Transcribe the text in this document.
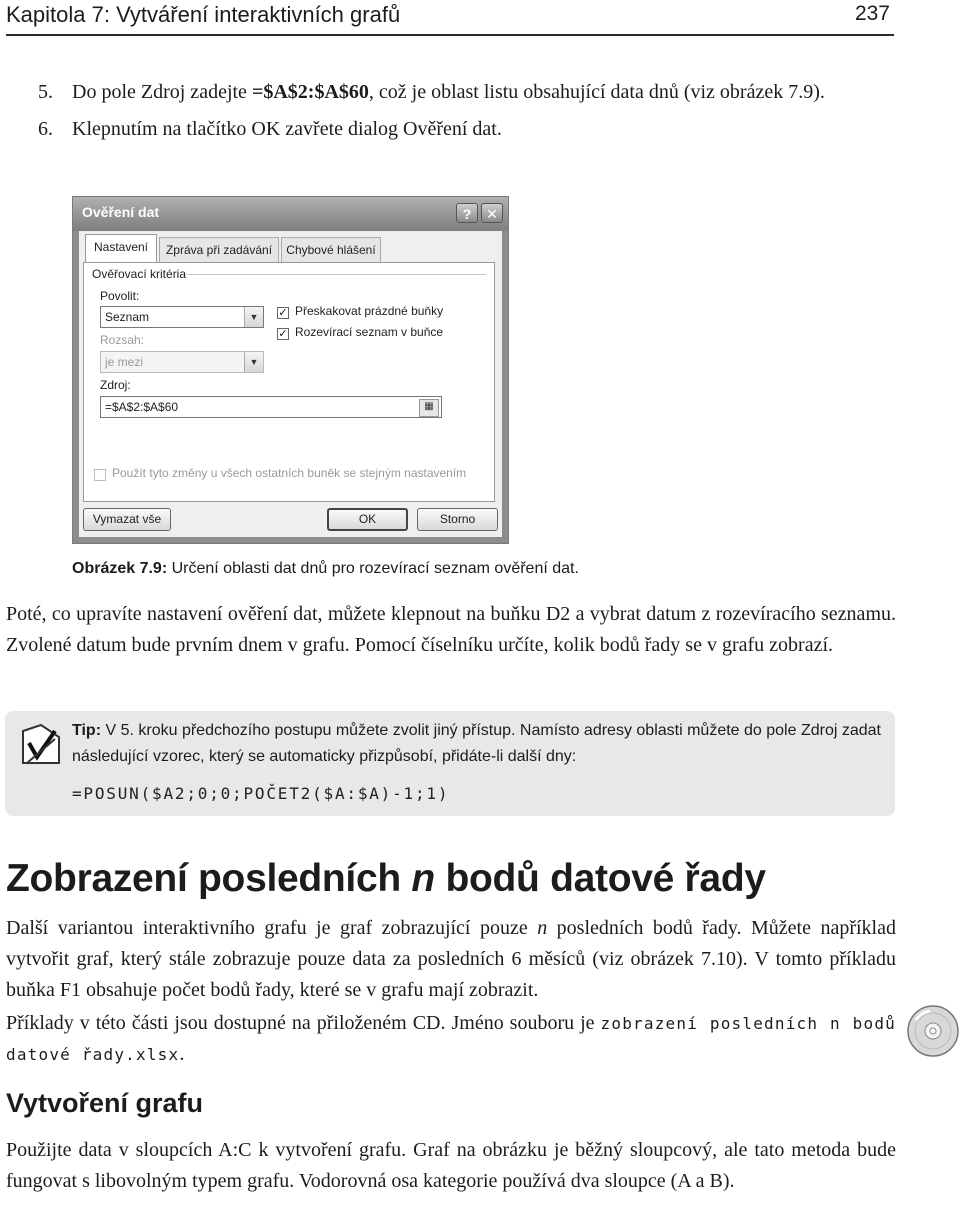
Kapitola 7: Vytváření interaktivních grafů	237
5. Do pole Zdroj zadejte =$A$2:$A$60, což je oblast listu obsahující data dnů (viz obrázek 7.9).
6. Klepnutím na tlačítko OK zavřete dialog Ověření dat.
Ověření dat	?	✕
Nastavení	Zpráva při zadávání	Chybové hlášení
Ověřovací kritéria
Povolit:
Seznam	▼	✓ Přeskakovat prázdné buňky
✓ Rozevírací seznam v buňce
Rozsah:
je mezi	▼
Zdroj:
=$A$2:$A$60	▦
Použít tyto změny u všech ostatních buněk se stejným nastavením
Vymazat vše	OK	Storno
Obrázek 7.9: Určení oblasti dat dnů pro rozevírací seznam ověření dat.

Poté, co upravíte nastavení ověření dat, můžete klepnout na buňku D2 a vybrat datum z rozevíracího seznamu. Zvolené datum bude prvním dnem v grafu. Pomocí číselníku určíte, kolik bodů řady se v grafu zobrazí.

Tip: V 5. kroku předchozího postupu můžete zvolit jiný přístup. Namísto adresy oblasti můžete do pole Zdroj zadat následující vzorec, který se automaticky přizpůsobí, přidáte-li další dny:
=POSUN($A2;0;0;POČET2($A:$A)-1;1)
Zobrazení posledních n bodů datové řady

Další variantou interaktivního grafu je graf zobrazující pouze n posledních bodů řady. Můžete například vytvořit graf, který stále zobrazuje pouze data za posledních 6 měsíců (viz obrázek 7.10). V tomto příkladu buňka F1 obsahuje počet bodů řady, které se v grafu mají zobrazit.

Příklady v této části jsou dostupné na přiloženém CD. Jméno souboru je zobrazení posledních n bodů datové řady.xlsx.

Vytvoření grafu

Použijte data v sloupcích A:C k vytvoření grafu. Graf na obrázku je běžný sloupcový, ale tato metoda bude fungovat s libovolným typem grafu. Vodorovná osa kategorie používá dva sloupce (A a B).
